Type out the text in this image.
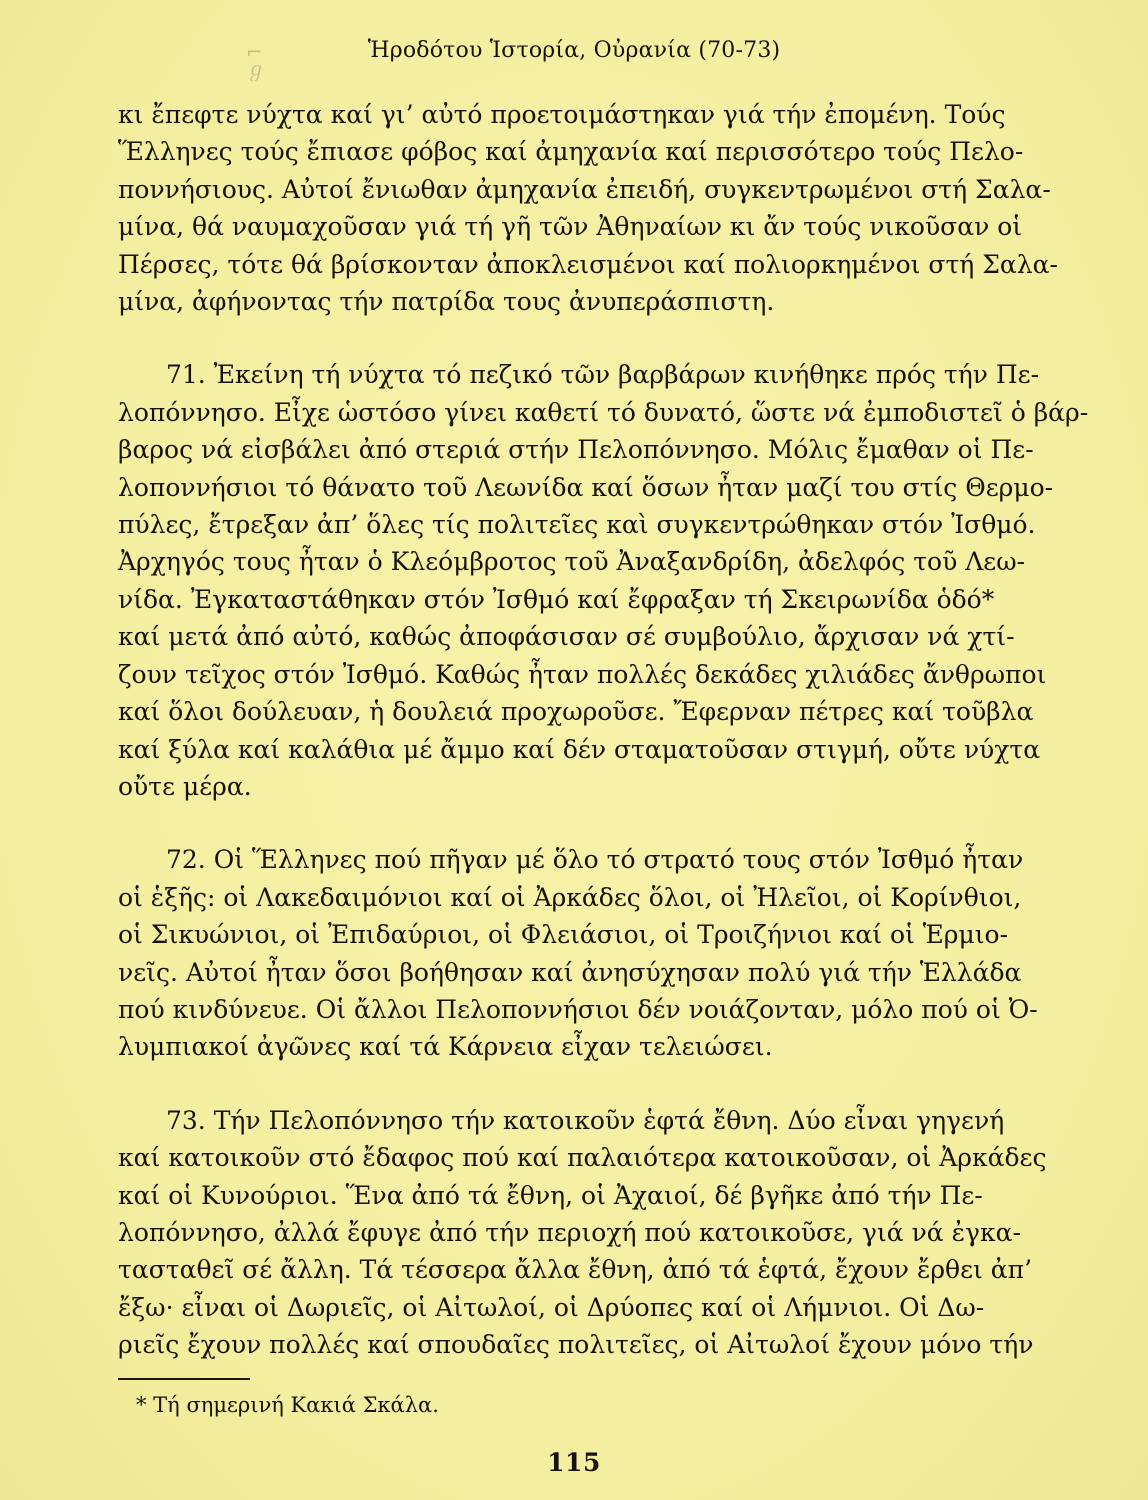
⌐
ℊ
Ἡροδότου Ἱστορία, Οὐρανία (70-73)
κι ἔπεφτε νύχτα καί γι’ αὐτό προετοιμάστηκαν γιά τήν ἐπομένη. Τούς
Ἕλληνες τούς ἔπιασε φόβος καί ἀμηχανία καί περισσότερο τούς Πελο-
ποννήσιους. Αὐτοί ἔνιωθαν ἀμηχανία ἐπειδή, συγκεντρωμένοι στή Σαλα-
μίνα, θά ναυμαχοῦσαν γιά τή γῆ τῶν Ἀθηναίων κι ἄν τούς νικοῦσαν οἱ
Πέρσες, τότε θά βρίσκονταν ἀποκλεισμένοι καί πολιορκημένοι στή Σαλα-
μίνα, ἀφήνοντας τήν πατρίδα τους ἀνυπεράσπιστη.
71. Ἐκείνη τή νύχτα τό πεζικό τῶν βαρβάρων κινήθηκε πρός τήν Πε-
λοπόννησο. Εἶχε ὡστόσο γίνει καθετί τό δυνατό, ὥστε νά ἐμποδιστεῖ ὁ βάρ-
βαρος νά εἰσβάλει ἀπό στεριά στήν Πελοπόννησο. Μόλις ἔμαθαν οἱ Πε-
λοποννήσιοι τό θάνατο τοῦ Λεωνίδα καί ὅσων ἦταν μαζί του στίς Θερμο-
πύλες, ἔτρεξαν ἀπ’ ὅλες τίς πολιτεῖες καὶ συγκεντρώθηκαν στόν Ἰσθμό.
Ἀρχηγός τους ἦταν ὁ Κλεόμβροτος τοῦ Ἀναξανδρίδη, ἀδελφός τοῦ Λεω-
νίδα. Ἐγκαταστάθηκαν στόν Ἰσθμό καί ἔφραξαν τή Σκειρωνίδα ὁδό*
καί μετά ἀπό αὐτό, καθώς ἀποφάσισαν σέ συμβούλιο, ἄρχισαν νά χτί-
ζουν τεῖχος στόν Ἰσθμό. Καθώς ἦταν πολλές δεκάδες χιλιάδες ἄνθρωποι
καί ὅλοι δούλευαν, ἡ δουλειά προχωροῦσε. Ἔφερναν πέτρες καί τοῦβλα
καί ξύλα καί καλάθια μέ ἄμμο καί δέν σταματοῦσαν στιγμή, οὔτε νύχτα
οὔτε μέρα.
72. Οἱ Ἕλληνες πού πῆγαν μέ ὅλο τό στρατό τους στόν Ἰσθμό ἦταν
οἱ ἑξῆς: οἱ Λακεδαιμόνιοι καί οἱ Ἀρκάδες ὅλοι, οἱ Ἠλεῖοι, οἱ Κορίνθιοι,
οἱ Σικυώνιοι, οἱ Ἐπιδαύριοι, οἱ Φλειάσιοι, οἱ Τροιζήνιοι καί οἱ Ἑρμιο-
νεῖς. Αὐτοί ἦταν ὅσοι βοήθησαν καί ἀνησύχησαν πολύ γιά τήν Ἑλλάδα
πού κινδύνευε. Οἱ ἄλλοι Πελοποννήσιοι δέν νοιάζονταν, μόλο πού οἱ Ὀ-
λυμπιακοί ἀγῶνες καί τά Κάρνεια εἶχαν τελειώσει.
73. Τήν Πελοπόννησο τήν κατοικοῦν ἑφτά ἔθνη. Δύο εἶναι γηγενή
καί κατοικοῦν στό ἔδαφος πού καί παλαιότερα κατοικοῦσαν, οἱ Ἀρκάδες
καί οἱ Κυνούριοι. Ἕνα ἀπό τά ἔθνη, οἱ Ἀχαιοί, δέ βγῆκε ἀπό τήν Πε-
λοπόννησο, ἀλλά ἔφυγε ἀπό τήν περιοχή πού κατοικοῦσε, γιά νά ἐγκα-
τασταθεῖ σέ ἄλλη. Τά τέσσερα ἄλλα ἔθνη, ἀπό τά ἑφτά, ἔχουν ἔρθει ἀπ’
ἔξω· εἶναι οἱ Δωριεῖς, οἱ Αἰτωλοί, οἱ Δρύοπες καί οἱ Λήμνιοι. Οἱ Δω-
ριεῖς ἔχουν πολλές καί σπουδαῖες πολιτεῖες, οἱ Αἰτωλοί ἔχουν μόνο τήν
* Τή σημερινή Κακιά Σκάλα.
115
